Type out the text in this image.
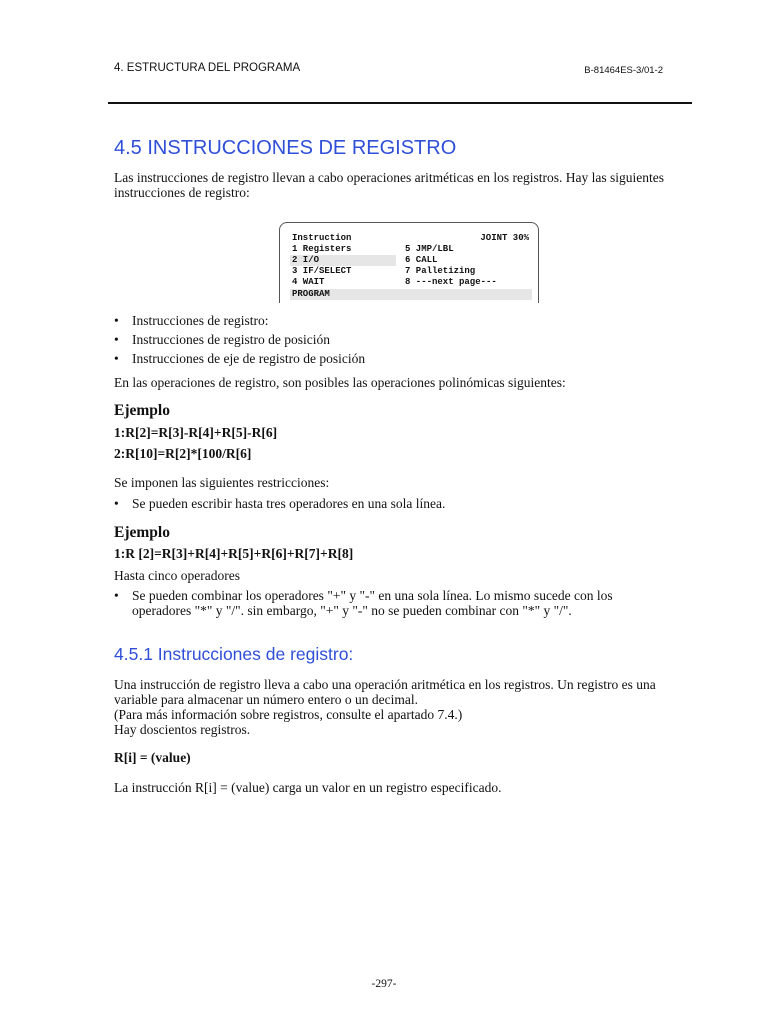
4. ESTRUCTURA DEL PROGRAMA	B-81464ES-3/01-2
4.5 INSTRUCCIONES DE REGISTRO
Las instrucciones de registro llevan a cabo operaciones aritméticas en los registros. Hay las siguientes
instrucciones de registro:
Instruction	JOINT 30%
1 Registers	5 JMP/LBL
2 I/O	6 CALL
3 IF/SELECT	7 Palletizing
4 WAIT	8 ---next page---
PROGRAM
• Instrucciones de registro:
• Instrucciones de registro de posición
• Instrucciones de eje de registro de posición
En las operaciones de registro, son posibles las operaciones polinómicas siguientes:
Ejemplo
1:R[2]=R[3]-R[4]+R[5]-R[6]
2:R[10]=R[2]*[100/R[6]
Se imponen las siguientes restricciones:
• Se pueden escribir hasta tres operadores en una sola línea.
Ejemplo
1:R [2]=R[3]+R[4]+R[5]+R[6]+R[7]+R[8]
Hasta cinco operadores
• Se pueden combinar los operadores "+" y "-" en una sola línea. Lo mismo sucede con los
operadores "*" y "/". sin embargo, "+" y "-" no se pueden combinar con "*" y "/".
4.5.1 Instrucciones de registro:
Una instrucción de registro lleva a cabo una operación aritmética en los registros. Un registro es una
variable para almacenar un número entero o un decimal.
(Para más información sobre registros, consulte el apartado 7.4.)
Hay doscientos registros.
R[i] = (value)
La instrucción R[i] = (value) carga un valor en un registro especificado.
-297-
